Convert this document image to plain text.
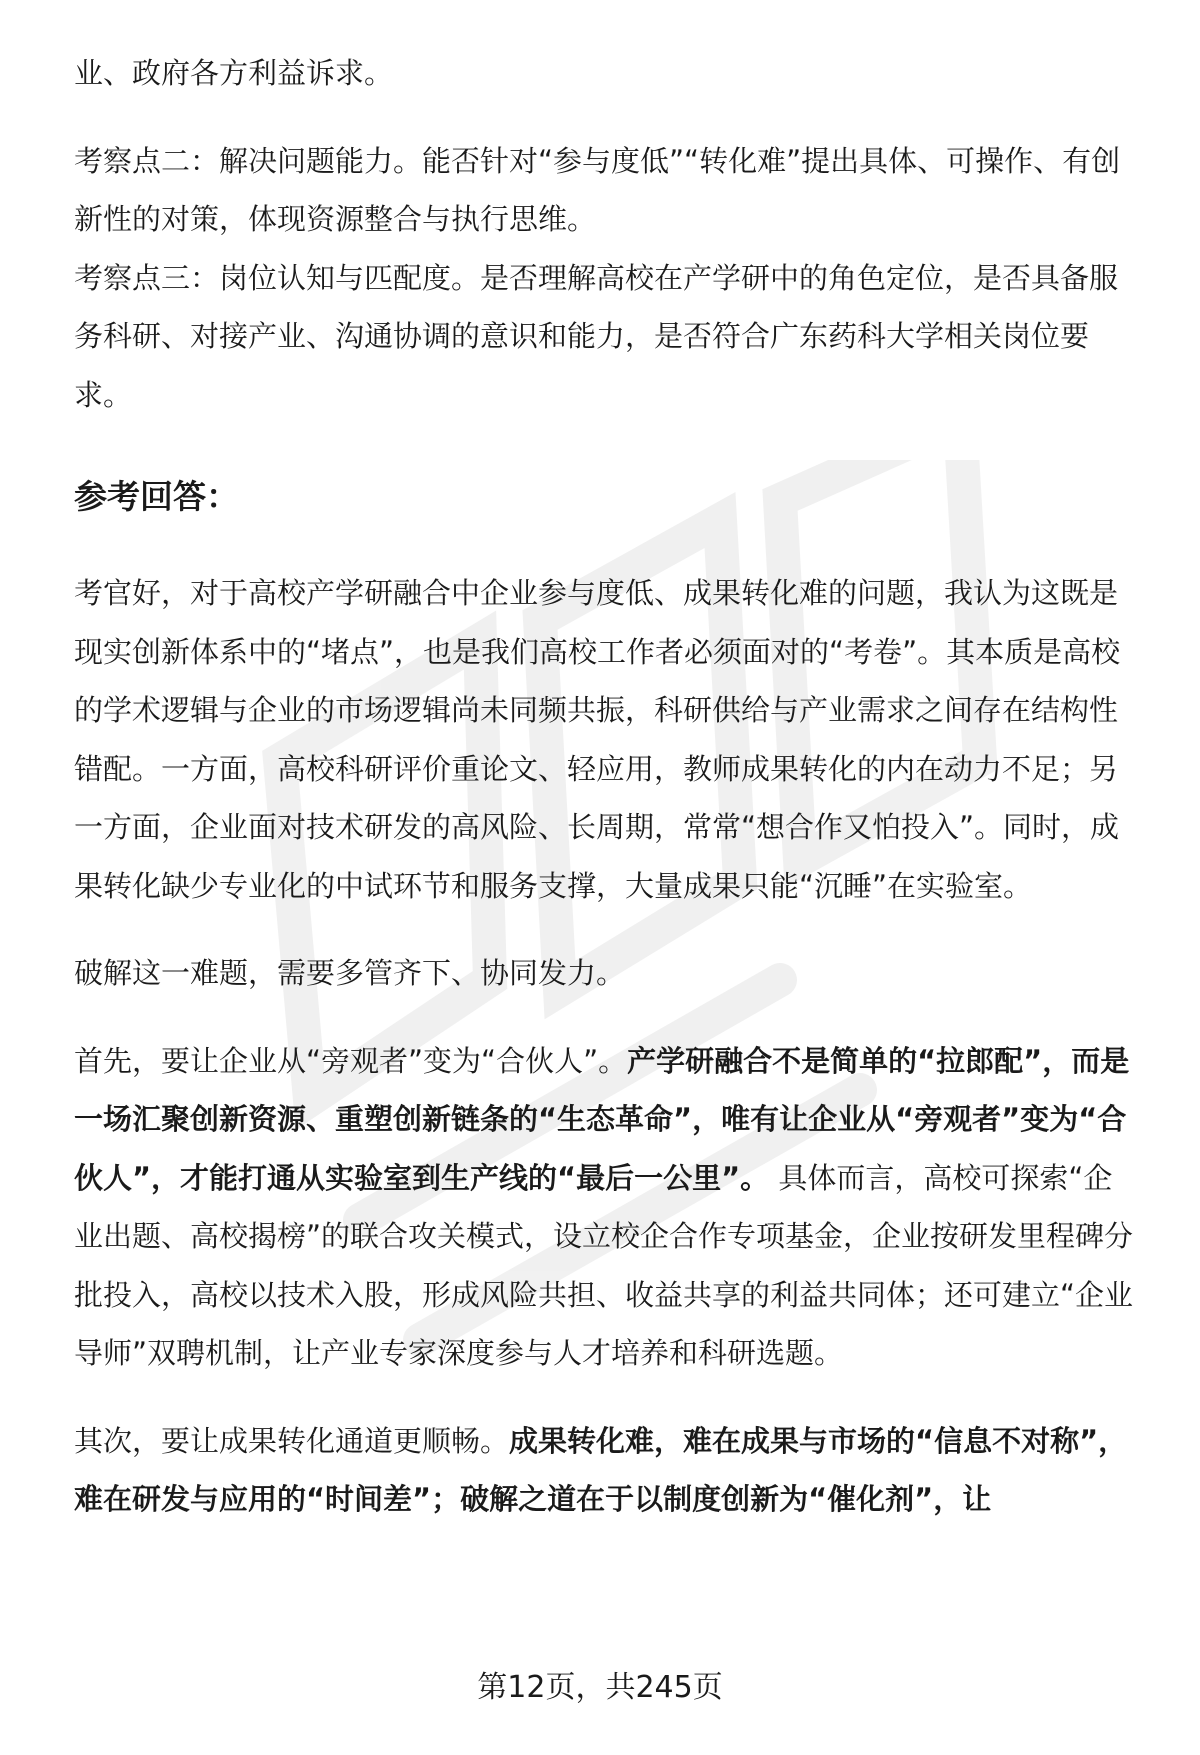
业、政府各方利益诉求。

考察点二：解决问题能力。能否针对“参与度低”“转化难”提出具体、可操作、有创新性的对策，体现资源整合与执行思维。

考察点三：岗位认知与匹配度。是否理解高校在产学研中的角色定位，是否具备服务科研、对接产业、沟通协调的意识和能力，是否符合广东药科大学相关岗位要求。

参考回答：

考官好，对于高校产学研融合中企业参与度低、成果转化难的问题，我认为这既是现实创新体系中的“堵点”，也是我们高校工作者必须面对的“考卷”。其本质是高校的学术逻辑与企业的市场逻辑尚未同频共振，科研供给与产业需求之间存在结构性错配。一方面，高校科研评价重论文、轻应用，教师成果转化的内在动力不足；另一方面，企业面对技术研发的高风险、长周期，常常“想合作又怕投入”。同时，成果转化缺少专业化的中试环节和服务支撑，大量成果只能“沉睡”在实验室。

破解这一难题，需要多管齐下、协同发力。

首先，要让企业从“旁观者”变为“合伙人”。产学研融合不是简单的“拉郎配”，而是一场汇聚创新资源、重塑创新链条的“生态革命”，唯有让企业从“旁观者”变为“合伙人”，才能打通从实验室到生产线的“最后一公里”。 具体而言，高校可探索“企业出题、高校揭榜”的联合攻关模式，设立校企合作专项基金，企业按研发里程碑分批投入，高校以技术入股，形成风险共担、收益共享的利益共同体；还可建立“企业导师”双聘机制，让产业专家深度参与人才培养和科研选题。

其次，要让成果转化通道更顺畅。成果转化难，难在成果与市场的“信息不对称”，难在研发与应用的“时间差”；破解之道在于以制度创新为“催化剂”，让

第12页，共245页
